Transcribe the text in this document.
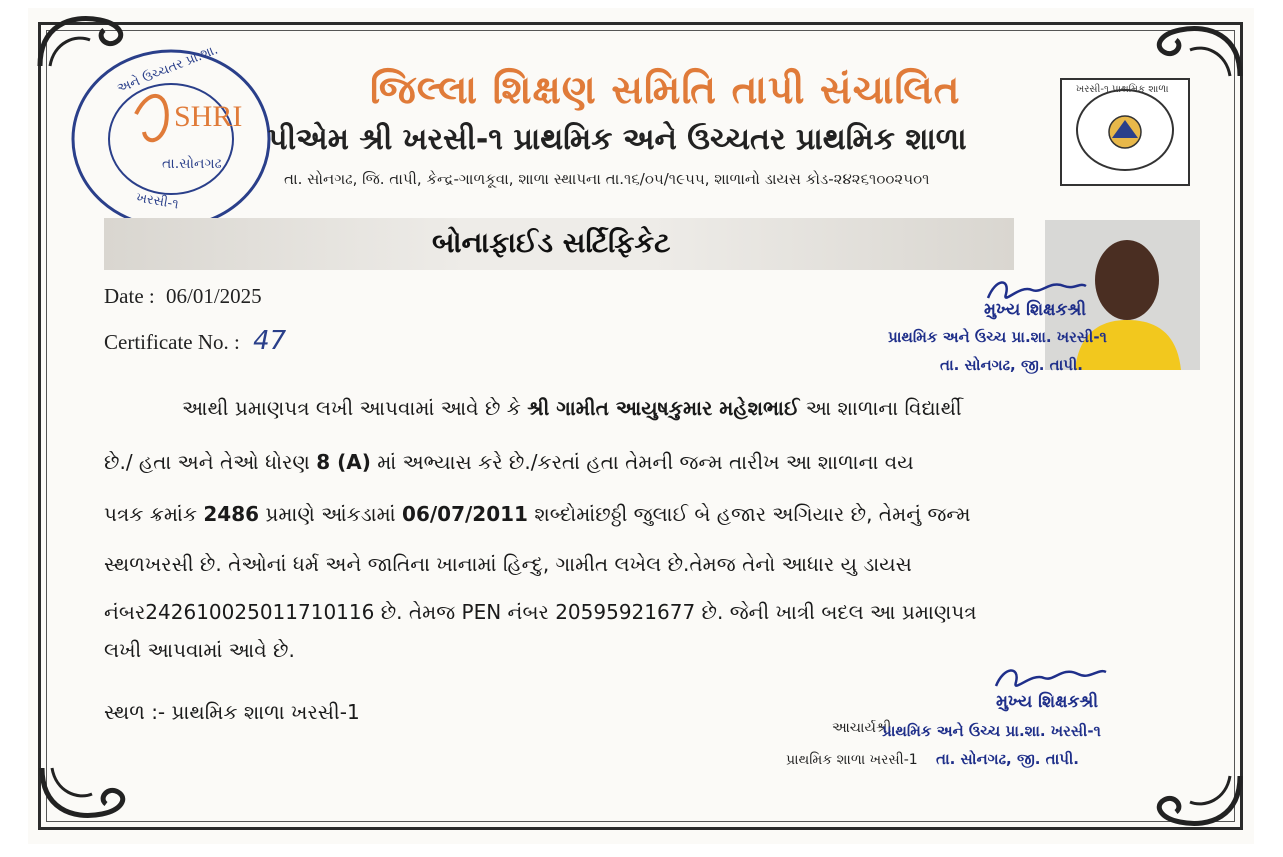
અને ઉચ્ચતર પ્રા.શા.
SHRI
તા.સોનગઢ
ખરસી-૧
જિલ્લા શિક્ષણ સમિતિ તાપી સંચાલિત
પીએમ શ્રી ખરસી-૧ પ્રાથમિક અને ઉચ્ચતર પ્રાથમિક શાળા
તા. સોનગઢ, જિ. તાપી, કેન્દ્ર-ગાળકૂવા, શાળા સ્થાપના તા.૧૬/૦૫/૧૯૫૫, શાળાનો ડાયસ કોડ-૨૪૨૬૧૦૦૨૫૦૧
ખરસી-૧ પ્રાથમિક શાળા
બોનાફાઈડ સર્ટિફિકેટ
Date : 06/01/2025
Certificate No. : 47
મુખ્ય શિક્ષકશ્રી
પ્રાથમિક અને ઉચ્ચ પ્રા.શા. ખરસી-૧
તા. સોનગઢ, જી. તાપી.
આથી પ્રમાણપત્ર લખી આપવામાં આવે છે કે શ્રી ગામીત આયુષકુમાર મહેશભાઈ આ શાળાના વિદ્યાર્થી
છે./ હતા અને તેઓ ધોરણ 8 (A) માં અભ્યાસ કરે છે./કરતાં હતા તેમની જન્મ તારીખ આ શાળાના વય
પત્રક ક્રમાંક 2486 પ્રમાણે આંકડામાં 06/07/2011 શબ્દોમાંછઠ્ઠી જુલાઈ બે હજાર અગિયાર છે, તેમનું જન્મ
સ્થળખરસી છે. તેઓનાં ધર્મ અને જાતિના ખાનામાં હિન્દુ, ગામીત લખેલ છે.તેમજ તેનો આધાર યુ ડાયસ
નંબર242610025011710116 છે. તેમજ PEN નંબર 20595921677 છે. જેની ખાત્રી બદલ આ પ્રમાણપત્ર
લખી આપવામાં આવે છે.
સ્થળ :- પ્રાથમિક શાળા ખરસી-1	મુખ્ય શિક્ષકશ્રી
આચાર્યશ્રી
પ્રાથમિક અને ઉચ્ચ પ્રા.શા. ખરસી-૧
પ્રાથમિક શાળા ખરસી-1 તા. સોનગઢ, જી. તાપી.
